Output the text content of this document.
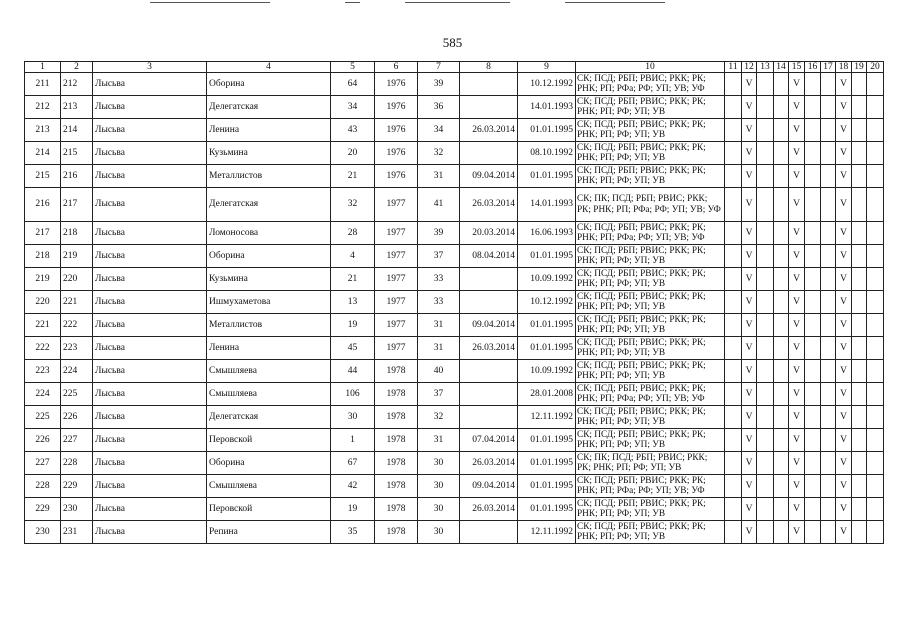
585
1	2	3	4	5	6	7	8	9	10	11	12	13	14	15	16	17	18	19	20
211	212	Лысьва	Оборина	64	1976	39		10.12.1992	СК; ПСД; РБП; РВИС; РКК; РК; РНК; РП; РФа; РФ; УП; УВ; УФ		V			V			V		
212	213	Лысьва	Делегатская	34	1976	36		14.01.1993	СК; ПСД; РБП; РВИС; РКК; РК; РНК; РП; РФ; УП; УВ		V			V			V		
213	214	Лысьва	Ленина	43	1976	34	26.03.2014	01.01.1995	СК; ПСД; РБП; РВИС; РКК; РК; РНК; РП; РФ; УП; УВ		V			V			V		
214	215	Лысьва	Кузьмина	20	1976	32		08.10.1992	СК; ПСД; РБП; РВИС; РКК; РК; РНК; РП; РФ; УП; УВ		V			V			V		
215	216	Лысьва	Металлистов	21	1976	31	09.04.2014	01.01.1995	СК; ПСД; РБП; РВИС; РКК; РК; РНК; РП; РФ; УП; УВ		V			V			V		
216	217	Лысьва	Делегатская	32	1977	41	26.03.2014	14.01.1993	СК; ПК; ПСД; РБП; РВИС; РКК; РК; РНК; РП; РФа; РФ; УП; УВ; УФ		V			V			V		
217	218	Лысьва	Ломоносова	28	1977	39	20.03.2014	16.06.1993	СК; ПСД; РБП; РВИС; РКК; РК; РНК; РП; РФа; РФ; УП; УВ; УФ		V			V			V		
218	219	Лысьва	Оборина	4	1977	37	08.04.2014	01.01.1995	СК; ПСД; РБП; РВИС; РКК; РК; РНК; РП; РФ; УП; УВ		V			V			V		
219	220	Лысьва	Кузьмина	21	1977	33		10.09.1992	СК; ПСД; РБП; РВИС; РКК; РК; РНК; РП; РФ; УП; УВ		V			V			V		
220	221	Лысьва	Ишмухаметова	13	1977	33		10.12.1992	СК; ПСД; РБП; РВИС; РКК; РК; РНК; РП; РФ; УП; УВ		V			V			V		
221	222	Лысьва	Металлистов	19	1977	31	09.04.2014	01.01.1995	СК; ПСД; РБП; РВИС; РКК; РК; РНК; РП; РФ; УП; УВ		V			V			V		
222	223	Лысьва	Ленина	45	1977	31	26.03.2014	01.01.1995	СК; ПСД; РБП; РВИС; РКК; РК; РНК; РП; РФ; УП; УВ		V			V			V		
223	224	Лысьва	Смышляева	44	1978	40		10.09.1992	СК; ПСД; РБП; РВИС; РКК; РК; РНК; РП; РФ; УП; УВ		V			V			V		
224	225	Лысьва	Смышляева	106	1978	37		28.01.2008	СК; ПСД; РБП; РВИС; РКК; РК; РНК; РП; РФа; РФ; УП; УВ; УФ		V			V			V		
225	226	Лысьва	Делегатская	30	1978	32		12.11.1992	СК; ПСД; РБП; РВИС; РКК; РК; РНК; РП; РФ; УП; УВ		V			V			V		
226	227	Лысьва	Перовской	1	1978	31	07.04.2014	01.01.1995	СК; ПСД; РБП; РВИС; РКК; РК; РНК; РП; РФ; УП; УВ		V			V			V		
227	228	Лысьва	Оборина	67	1978	30	26.03.2014	01.01.1995	СК; ПК; ПСД; РБП; РВИС; РКК; РК; РНК; РП; РФ; УП; УВ		V			V			V		
228	229	Лысьва	Смышляева	42	1978	30	09.04.2014	01.01.1995	СК; ПСД; РБП; РВИС; РКК; РК; РНК; РП; РФа; РФ; УП; УВ; УФ		V			V			V		
229	230	Лысьва	Перовской	19	1978	30	26.03.2014	01.01.1995	СК; ПСД; РБП; РВИС; РКК; РК; РНК; РП; РФ; УП; УВ		V			V			V		
230	231	Лысьва	Репина	35	1978	30		12.11.1992	СК; ПСД; РБП; РВИС; РКК; РК; РНК; РП; РФ; УП; УВ		V			V			V		
